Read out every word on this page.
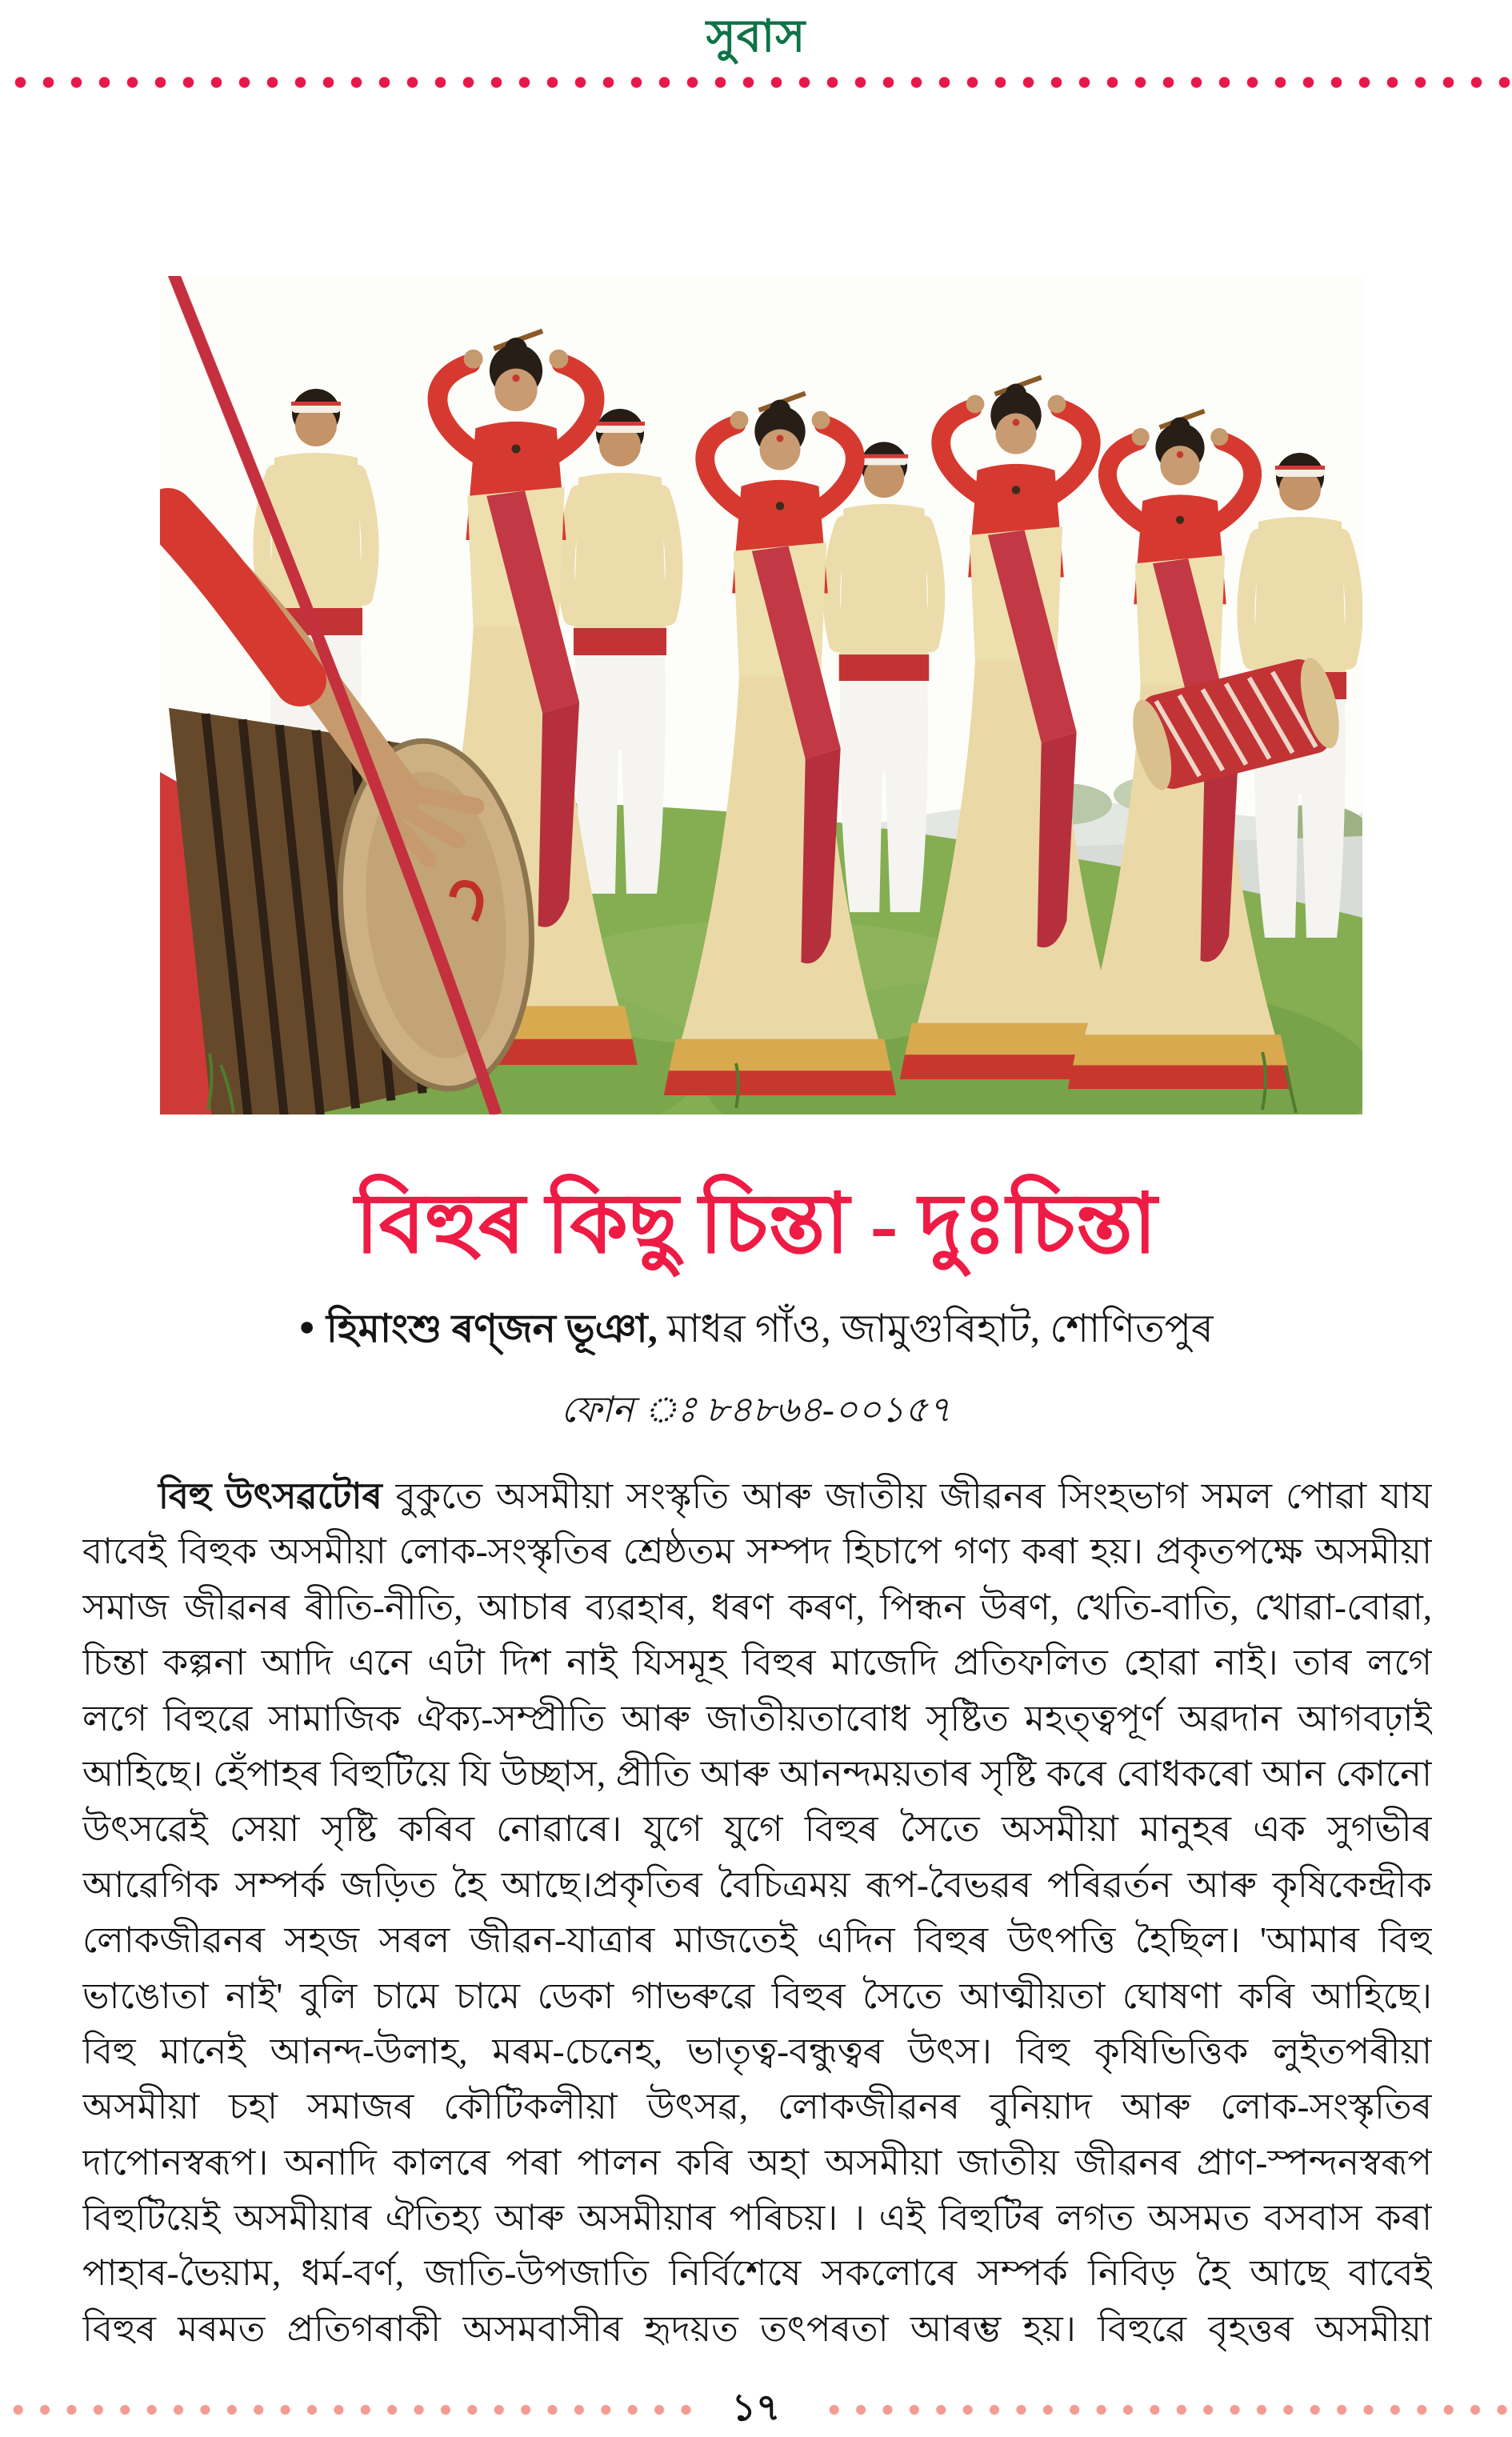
সুবাস
বিহুৰ কিছু চিন্তা - দুঃচিন্তা
● হিমাংশু ৰণ্‌জন ভূঞা, মাধৱ গাঁও, জামুগুৰিহাট, শোণিতপুৰ
ফোন ঃ ৮৪৮৬৪-০০১৫৭
বিহু উৎসৱটোৰ বুকুতে অসমীয়া সংস্কৃতি আৰু জাতীয় জীৱনৰ সিংহভাগ সমল পোৱা যায
বাবেই বিহুক অসমীয়া লোক-সংস্কৃতিৰ শ্ৰেষ্ঠতম সম্পদ হিচাপে গণ্য কৰা হয়। প্ৰকৃতপক্ষে অসমীয়া
সমাজ জীৱনৰ ৰীতি-নীতি, আচাৰ ব্যৱহাৰ, ধৰণ কৰণ, পিন্ধন উৰণ, খেতি-বাতি, খোৱা-বোৱা,
চিন্তা কল্পনা আদি এনে এটা দিশ নাই যিসমূহ বিহুৰ মাজেদি প্ৰতিফলিত হোৱা নাই। তাৰ লগে
লগে বিহুৱে সামাজিক ঐক্য-সম্প্ৰীতি আৰু জাতীয়তাবোধ সৃষ্টিত মহত্ত্বপূৰ্ণ অৱদান আগবঢ়াই
আহিছে। হেঁপাহৰ বিহুটিয়ে যি উচ্ছাস, প্ৰীতি আৰু আনন্দময়তাৰ সৃষ্টি কৰে বোধকৰো আন কোনো
উৎসৱেই সেয়া সৃষ্টি কৰিব নোৱাৰে। যুগে যুগে বিহুৰ সৈতে অসমীয়া মানুহৰ এক সুগভীৰ
আৱেগিক সম্পৰ্ক জড়িত হৈ আছে।প্ৰকৃতিৰ বৈচিত্ৰময় ৰূপ-বৈভৱৰ পৰিৱৰ্তন আৰু কৃষিকেন্দ্ৰীক
লোকজীৱনৰ সহজ সৰল জীৱন-যাত্ৰাৰ মাজতেই এদিন বিহুৰ উৎপত্তি হৈছিল। 'আমাৰ বিহু
ভাঙোতা নাই' বুলি চামে চামে ডেকা গাভৰুৱে বিহুৰ সৈতে আত্মীয়তা ঘোষণা কৰি আহিছে।
বিহু মানেই আনন্দ-উলাহ, মৰম-চেনেহ, ভাতৃত্ব-বন্ধুত্বৰ উৎস। বিহু কৃষিভিত্তিক লুইতপৰীয়া
অসমীয়া চহা সমাজৰ কৌটিকলীয়া উৎসৱ, লোকজীৱনৰ বুনিয়াদ আৰু লোক-সংস্কৃতিৰ
দাপোনস্বৰূপ। অনাদি কালৰে পৰা পালন কৰি অহা অসমীয়া জাতীয় জীৱনৰ প্ৰাণ-স্পন্দনস্বৰূপ
বিহুটিয়েই অসমীয়াৰ ঐতিহ্য আৰু অসমীয়াৰ পৰিচয়। । এই বিহুটিৰ লগত অসমত বসবাস কৰা
পাহাৰ-ভৈয়াম, ধৰ্ম-বৰ্ণ, জাতি-উপজাতি নিৰ্বিশেষে সকলোৰে সম্পৰ্ক নিবিড় হৈ আছে বাবেই
বিহুৰ মৰমত প্ৰতিগৰাকী অসমবাসীৰ হৃদয়ত তৎপৰতা আৰম্ভ হয়। বিহুৱে বৃহত্তৰ অসমীয়া
১৭
